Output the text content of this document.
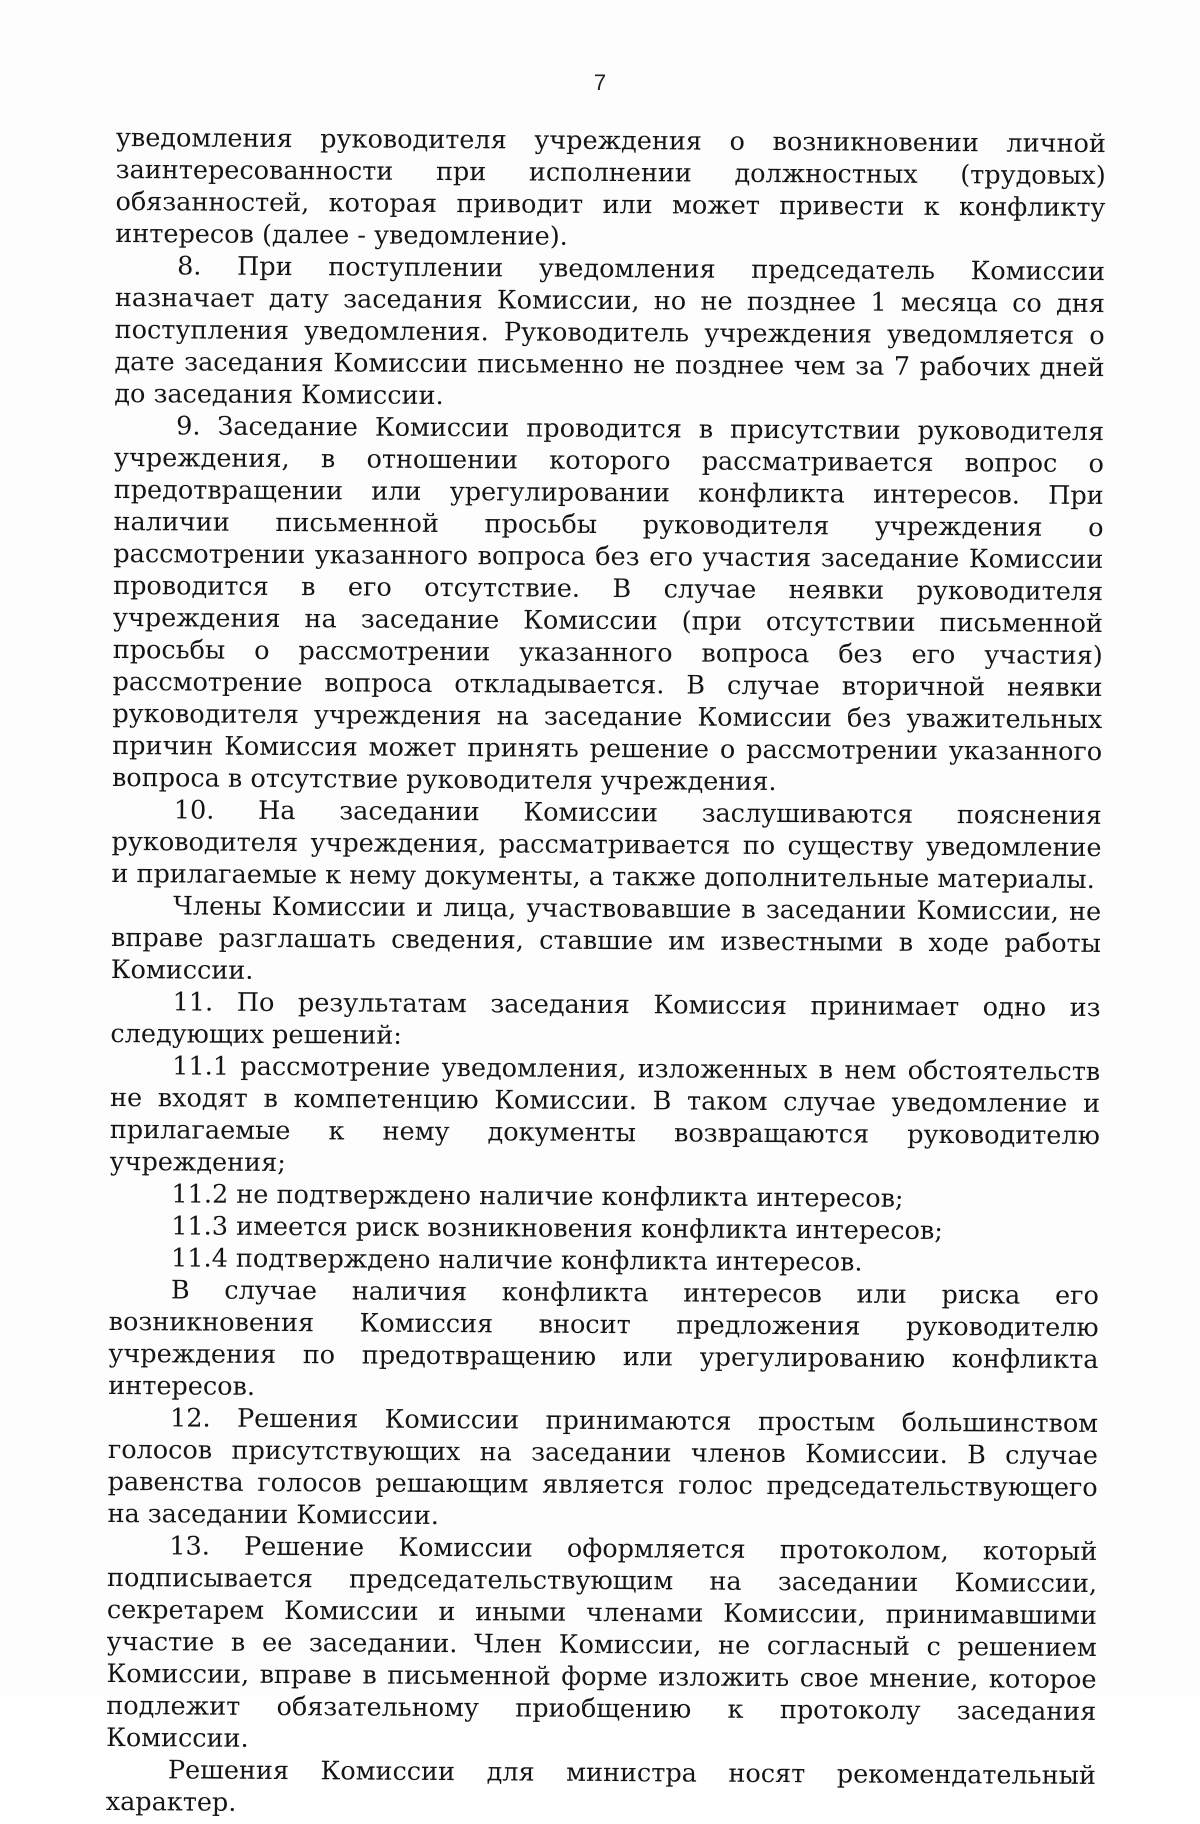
7

уведомления руководителя учреждения о возникновении личной заинтересованности при исполнении должностных (трудовых) обязанностей, которая приводит или может привести к конфликту интересов (далее - уведомление).

8. При поступлении уведомления председатель Комиссии назначает дату заседания Комиссии, но не позднее 1 месяца со дня поступления уведомления. Руководитель учреждения уведомляется о дате заседания Комиссии письменно не позднее чем за 7 рабочих дней до заседания Комиссии.

9. Заседание Комиссии проводится в присутствии руководителя учреждения, в отношении которого рассматривается вопрос о предотвращении или урегулировании конфликта интересов. При наличии письменной просьбы руководителя учреждения о рассмотрении указанного вопроса без его участия заседание Комиссии проводится в его отсутствие. В случае неявки руководителя учреждения на заседание Комиссии (при отсутствии письменной просьбы о рассмотрении указанного вопроса без его участия) рассмотрение вопроса откладывается. В случае вторичной неявки руководителя учреждения на заседание Комиссии без уважительных причин Комиссия может принять решение о рассмотрении указанного вопроса в отсутствие руководителя учреждения.

10. На заседании Комиссии заслушиваются пояснения руководителя учреждения, рассматривается по существу уведомление и прилагаемые к нему документы, а также дополнительные материалы.

Члены Комиссии и лица, участвовавшие в заседании Комиссии, не вправе разглашать сведения, ставшие им известными в ходе работы Комиссии.

11. По результатам заседания Комиссия принимает одно из следующих решений:

11.1 рассмотрение уведомления, изложенных в нем обстоятельств не входят в компетенцию Комиссии. В таком случае уведомление и прилагаемые к нему документы возвращаются руководителю учреждения;

11.2 не подтверждено наличие конфликта интересов;

11.3 имеется риск возникновения конфликта интересов;

11.4 подтверждено наличие конфликта интересов.

В случае наличия конфликта интересов или риска его возникновения Комиссия вносит предложения руководителю учреждения по предотвращению или урегулированию конфликта интересов.

12. Решения Комиссии принимаются простым большинством голосов присутствующих на заседании членов Комиссии. В случае равенства голосов решающим является голос председательствующего на заседании Комиссии.

13. Решение Комиссии оформляется протоколом, который подписывается председательствующим на заседании Комиссии, секретарем Комиссии и иными членами Комиссии, принимавшими участие в ее заседании. Член Комиссии, не согласный с решением Комиссии, вправе в письменной форме изложить свое мнение, которое подлежит обязательному приобщению к протоколу заседания Комиссии.

Решения Комиссии для министра носят рекомендательный характер.
